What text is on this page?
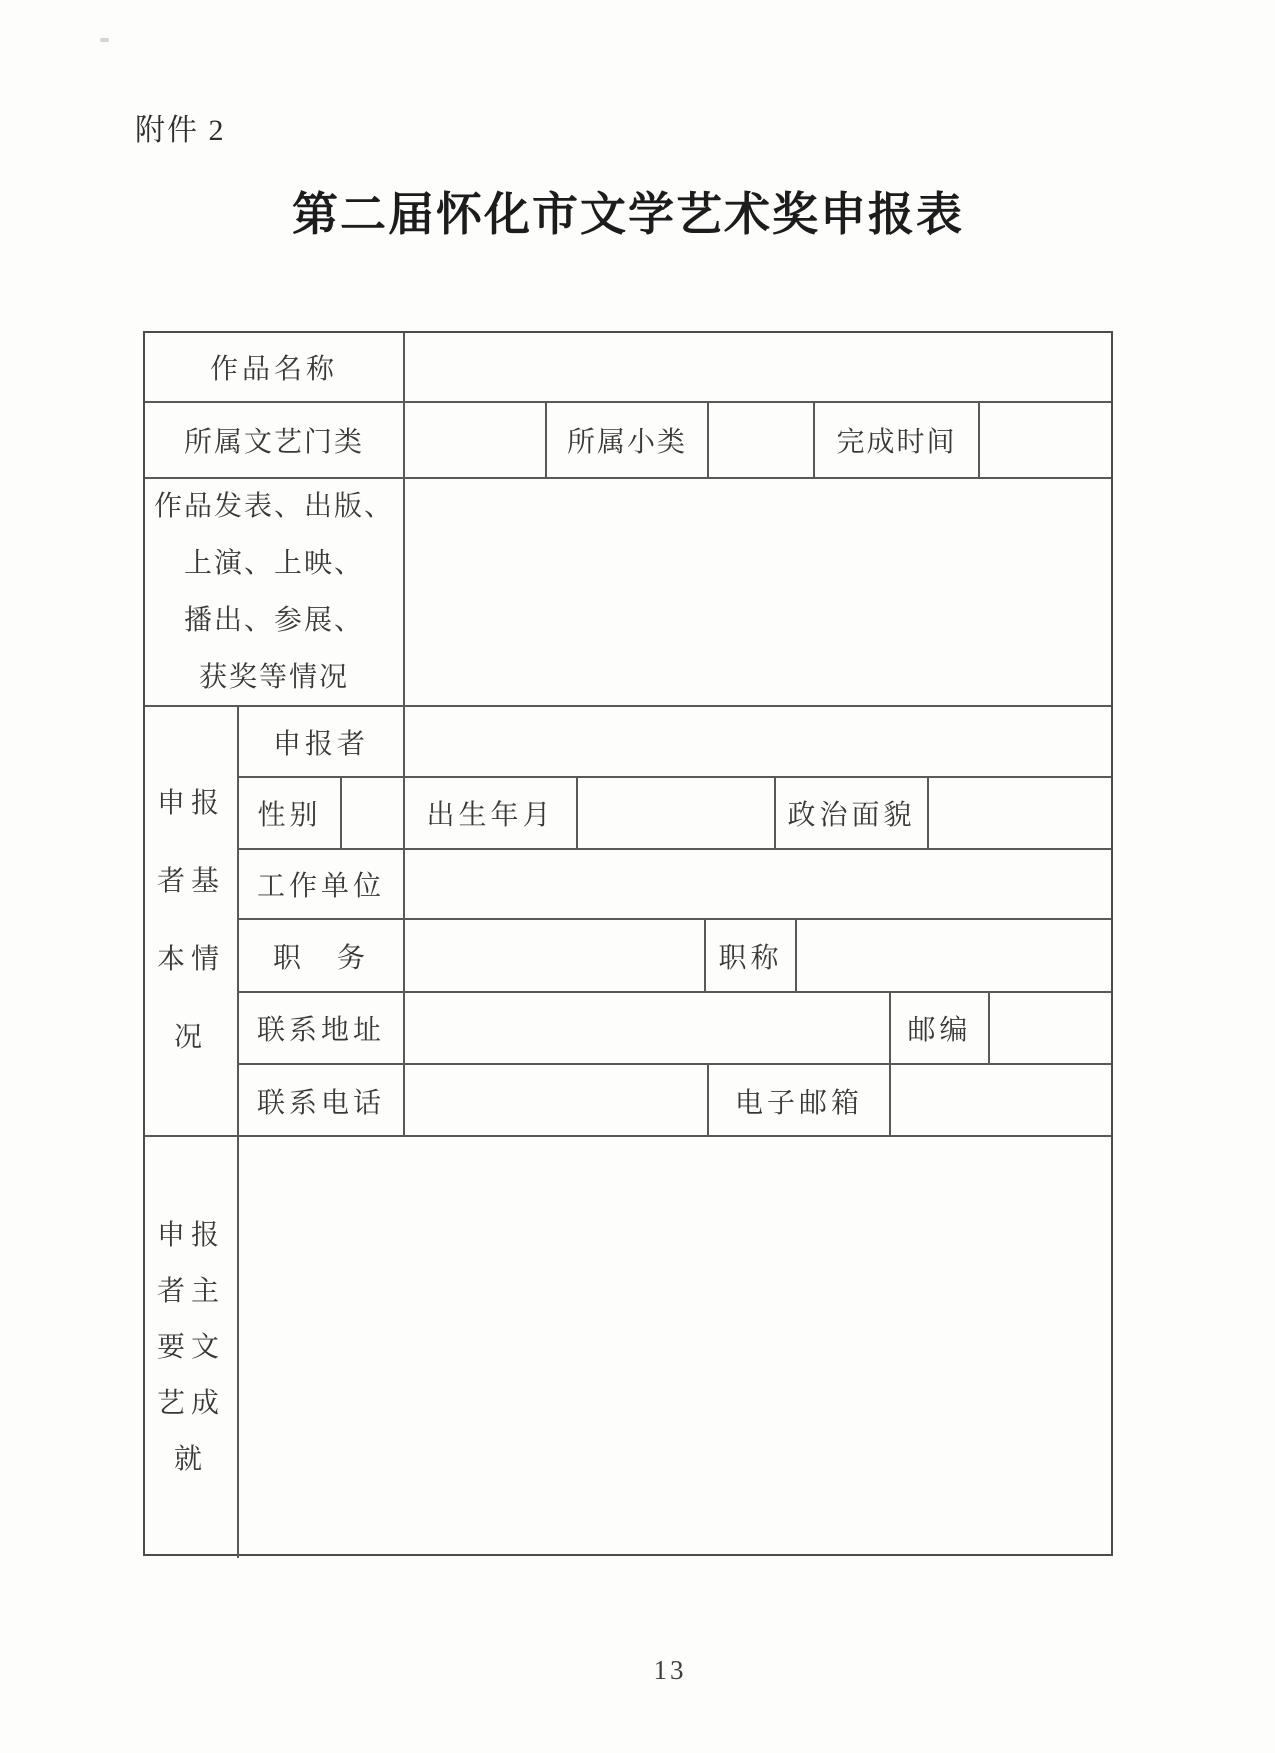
附件 2
第二届怀化市文学艺术奖申报表
作品名称
所属文艺门类	所属小类	完成时间
作品发表、出版、
上演、上映、
播出、参展、
获奖等情况
申报
者基
本情
况
申报者
性别	出生年月	政治面貌
工作单位
职　务	职称
联系地址	邮编
联系电话	电子邮箱
申报
者主
要文
艺成
就
13
